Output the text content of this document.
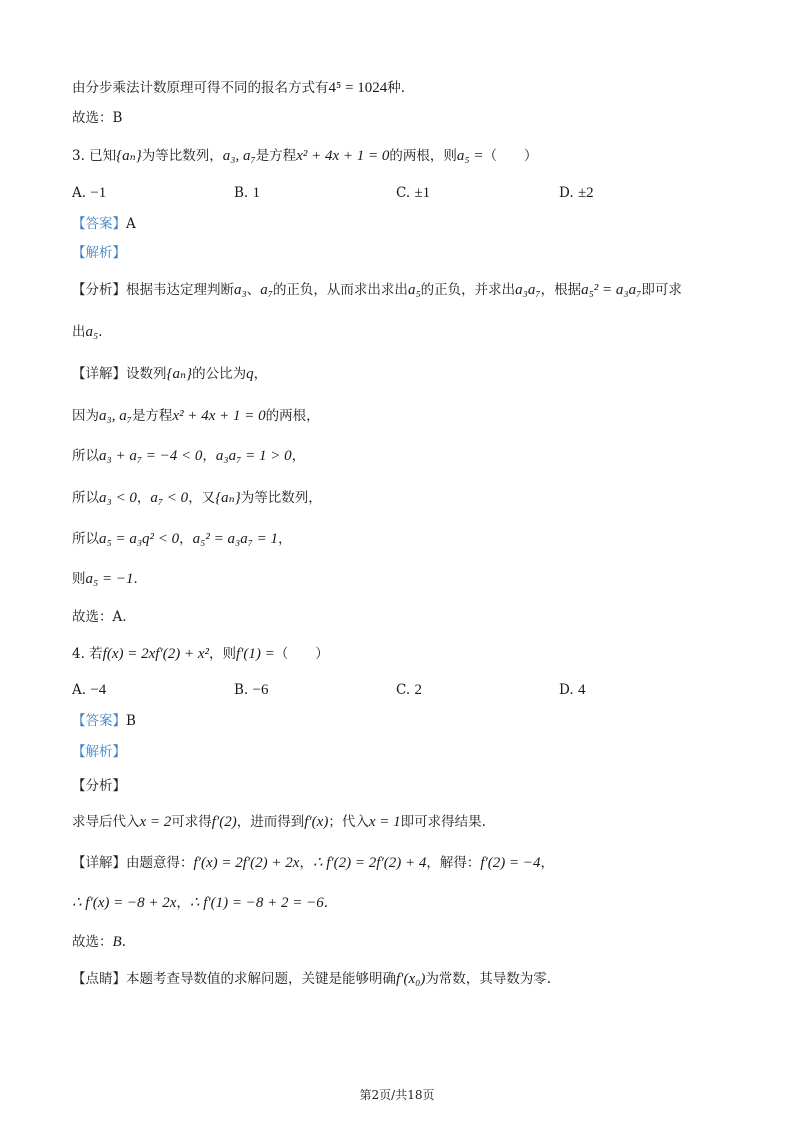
由分步乘法计数原理可得不同的报名方式有4⁵ = 1024种.
故选：B
3. 已知{aₙ}为等比数列，a₃, a₇是方程x² + 4x + 1 = 0的两根，则a₅ =（　　）
A. −1	B. 1	C. ±1	D. ±2
【答案】A
【解析】
【分析】根据韦达定理判断a₃、a₇的正负，从而求出求出a₅的正负，并求出a₃a₇，根据a₅² = a₃a₇即可求
出a₅．
【详解】设数列{aₙ}的公比为q，
因为a₃, a₇是方程x² + 4x + 1 = 0的两根，
所以a₃ + a₇ = −4 < 0，a₃a₇ = 1 > 0，
所以a₃ < 0，a₇ < 0，又{aₙ}为等比数列，
所以a₅ = a₃q² < 0，a₅² = a₃a₇ = 1，
则a₅ = −1．
故选：A.
4. 若f(x) = 2xf′(2) + x²，则f′(1) =（　　）
A. −4	B. −6	C. 2	D. 4
【答案】B
【解析】
【分析】
求导后代入x = 2可求得f′(2)，进而得到f′(x)；代入x = 1即可求得结果.
【详解】由题意得：f′(x) = 2f′(2) + 2x，∴ f′(2) = 2f′(2) + 4，解得：f′(2) = −4，
∴ f′(x) = −8 + 2x，∴ f′(1) = −8 + 2 = −6.
故选：B.
【点睛】本题考查导数值的求解问题，关键是能够明确f′(x₀)为常数，其导数为零.
第2页/共18页
